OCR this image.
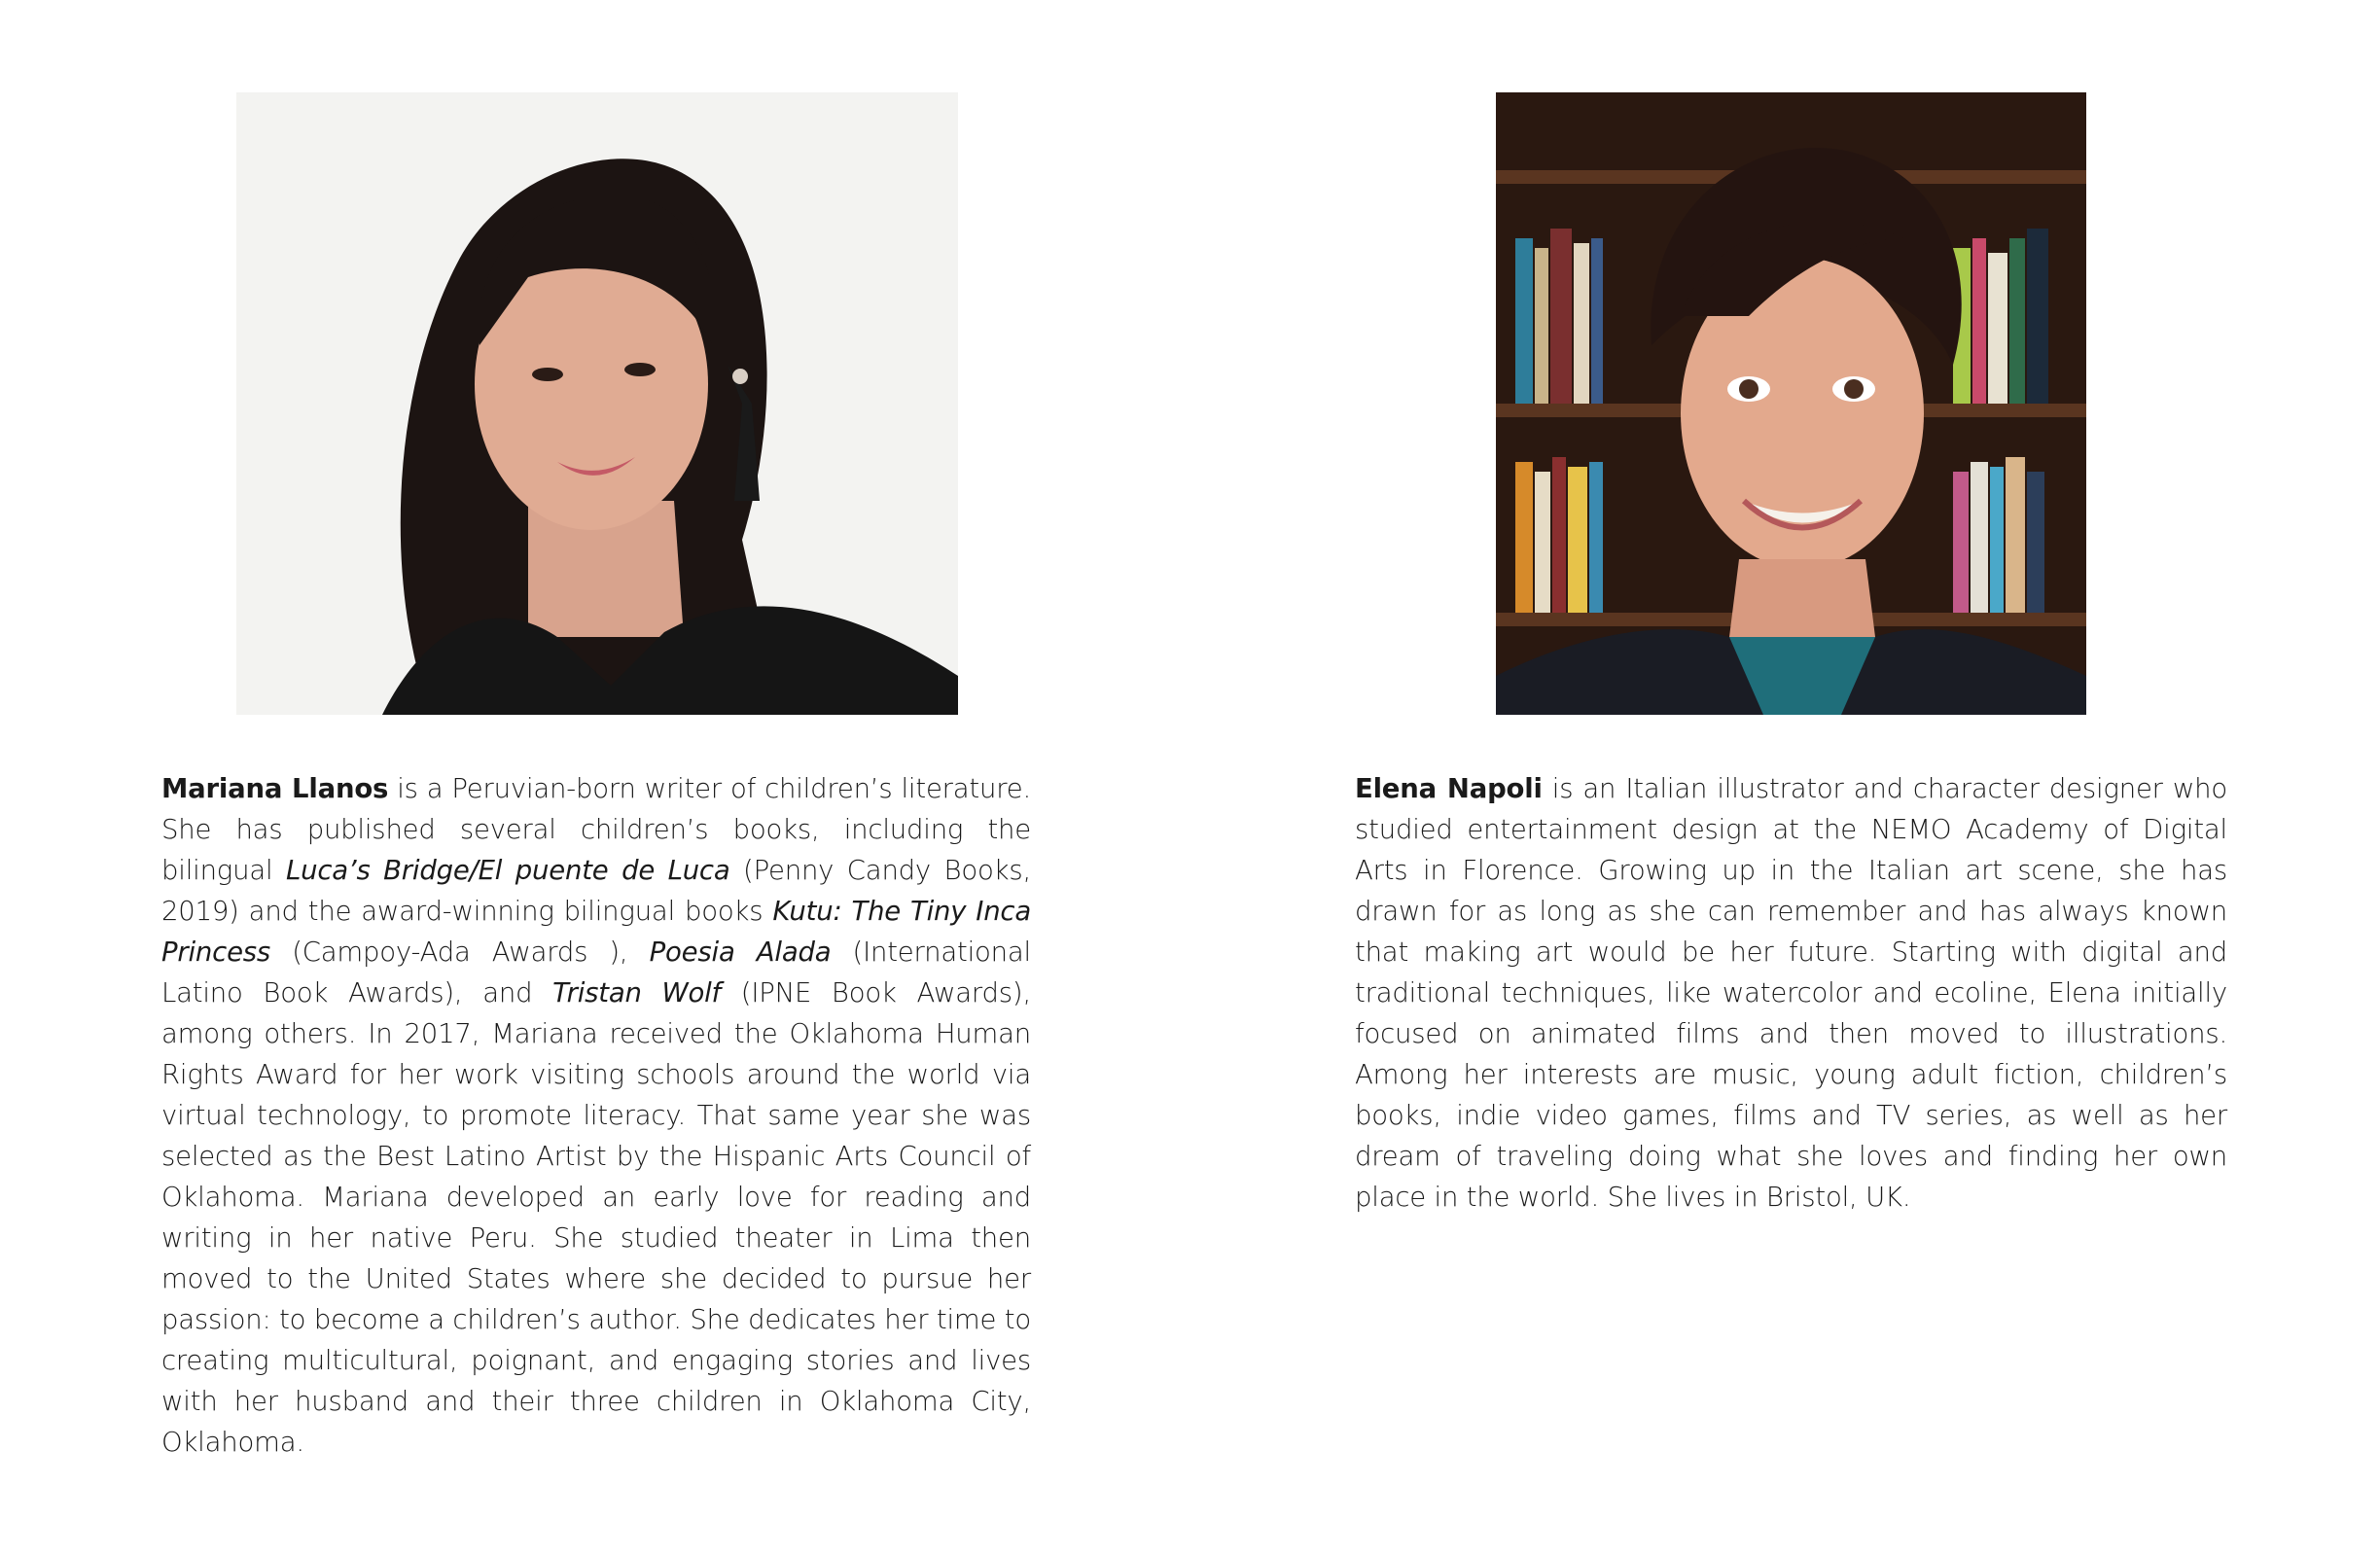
Mariana Llanos is a Peruvian-born writer of children’s literature. She has published several children’s books, including the bilingual Luca’s Bridge/El puente de Luca (Penny Candy Books, 2019) and the award-winning bilingual books Kutu: The Tiny Inca Princess (Campoy-Ada Awards ), Poesia Alada (International Latino Book Awards), and Tristan Wolf (IPNE Book Awards), among others. In 2017, Mariana received the Oklahoma Human Rights Award for her work visiting schools around the world via virtual technology, to promote literacy. That same year she was selected as the Best Latino Artist by the Hispanic Arts Council of Oklahoma. Mariana developed an early love for reading and writing in her native Peru. She studied theater in Lima then moved to the United States where she decided to pursue her passion: to become a children’s author. She dedicates her time to creating multicultural, poignant, and engaging stories and lives with her husband and their three children in Oklahoma City, Oklahoma.
Elena Napoli is an Italian illustrator and character designer who studied entertainment design at the NEMO Academy of Digital Arts in Florence. Growing up in the Italian art scene, she has drawn for as long as she can remember and has always known that making art would be her future. Starting with digital and traditional techniques, like watercolor and ecoline, Elena initially focused on animated films and then moved to illustrations. Among her interests are music, young adult fiction, children’s books, indie video games, films and TV series, as well as her dream of traveling doing what she loves and finding her own place in the world. She lives in Bristol, UK.
